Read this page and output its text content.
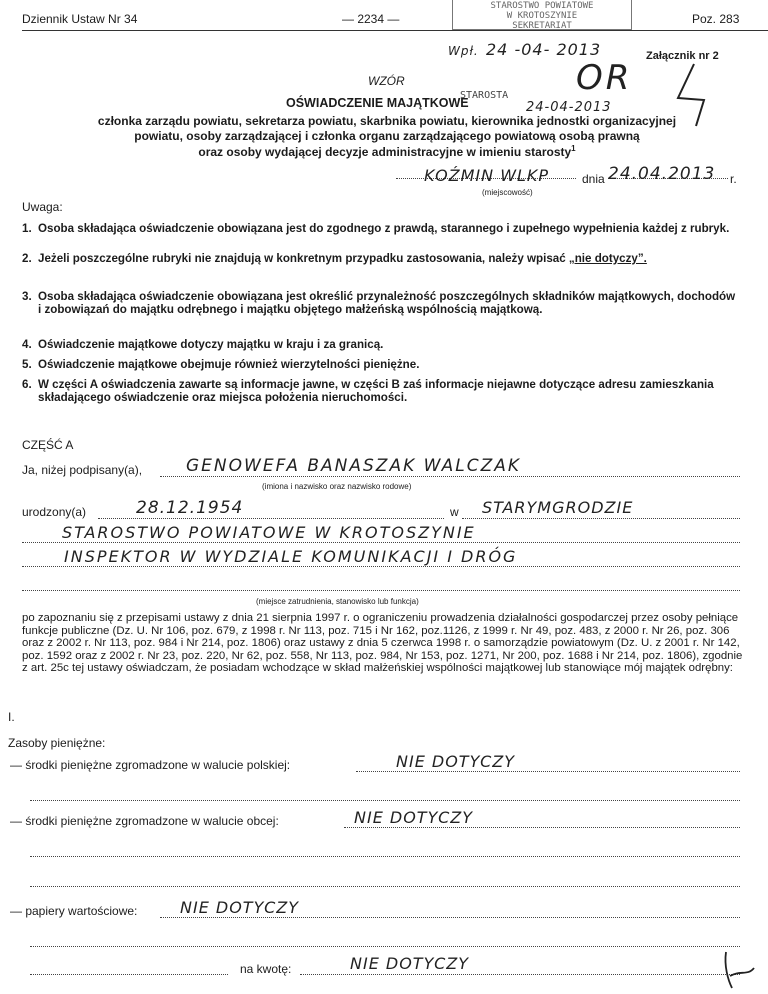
Dziennik Ustaw Nr 34	— 2234 —	Poz. 283
STAROSTWO POWIATOWE
W KROTOSZYNIE
SEKRETARIAT
Wpł. 24 -04- 2013	Załącznik nr 2
OR
WZÓR
OŚWIADCZENIE MAJĄTKOWE
STAROSTA
24-04-2013
członka zarządu powiatu, sekretarza powiatu, skarbnika powiatu, kierownika jednostki organizacyjnej
powiatu, osoby zarządzającej i członka organu zarządzającego powiatową osobą prawną
oraz osoby wydającej decyzje administracyjne w imieniu starosty$^1$
KOŹMIN WLKP	dnia 24.04.2013 r.
(miejscowość)
Uwaga:
1. Osoba składająca oświadczenie obowiązana jest do zgodnego z prawdą, starannego i zupełnego wypełnienia każdej z rubryk.
2. Jeżeli poszczególne rubryki nie znajdują w konkretnym przypadku zastosowania, należy wpisać „nie dotyczy”.
3. Osoba składająca oświadczenie obowiązana jest określić przynależność poszczególnych składników majątkowych, dochodów i zobowiązań do majątku odrębnego i majątku objętego małżeńską wspólnością majątkową.
4. Oświadczenie majątkowe dotyczy majątku w kraju i za granicą.
5. Oświadczenie majątkowe obejmuje również wierzytelności pieniężne.
6. W części A oświadczenia zawarte są informacje jawne, w części B zaś informacje niejawne dotyczące adresu zamieszkania składającego oświadczenie oraz miejsca położenia nieruchomości.
CZĘŚĆ A
Ja, niżej podpisany(a),	GENOWEFA BANASZAK WALCZAK
(imiona i nazwisko oraz nazwisko rodowe)
urodzony(a)	28.12.1954	w STARYMGRODZIE
STAROSTWO POWIATOWE W KROTOSZYNIE
INSPEKTOR W WYDZIALE KOMUNIKACJI I DRÓG
(miejsce zatrudnienia, stanowisko lub funkcja)
po zapoznaniu się z przepisami ustawy z dnia 21 sierpnia 1997 r. o ograniczeniu prowadzenia działalności gospodarczej przez osoby pełniące funkcje publiczne (Dz. U. Nr 106, poz. 679, z 1998 r. Nr 113, poz. 715 i Nr 162, poz.1126, z 1999 r. Nr 49, poz. 483, z 2000 r. Nr 26, poz. 306 oraz z 2002 r. Nr 113, poz. 984 i Nr 214, poz. 1806) oraz ustawy z dnia 5 czerwca 1998 r. o samorządzie powiatowym (Dz. U. z 2001 r. Nr 142, poz. 1592 oraz z 2002 r. Nr 23, poz. 220, Nr 62, poz. 558, Nr 113, poz. 984, Nr 153, poz. 1271, Nr 200, poz. 1688 i Nr 214, poz. 1806), zgodnie z art. 25c tej ustawy oświadczam, że posiadam wchodzące w skład małżeńskiej wspólności majątkowej lub stanowiące mój majątek odrębny:
I.
Zasoby pieniężne:
— środki pieniężne zgromadzone w walucie polskiej:	NIE DOTYCZY
— środki pieniężne zgromadzone w walucie obcej:	NIE DOTYCZY
— papiery wartościowe:	NIE DOTYCZY
na kwotę:	NIE DOTYCZY
